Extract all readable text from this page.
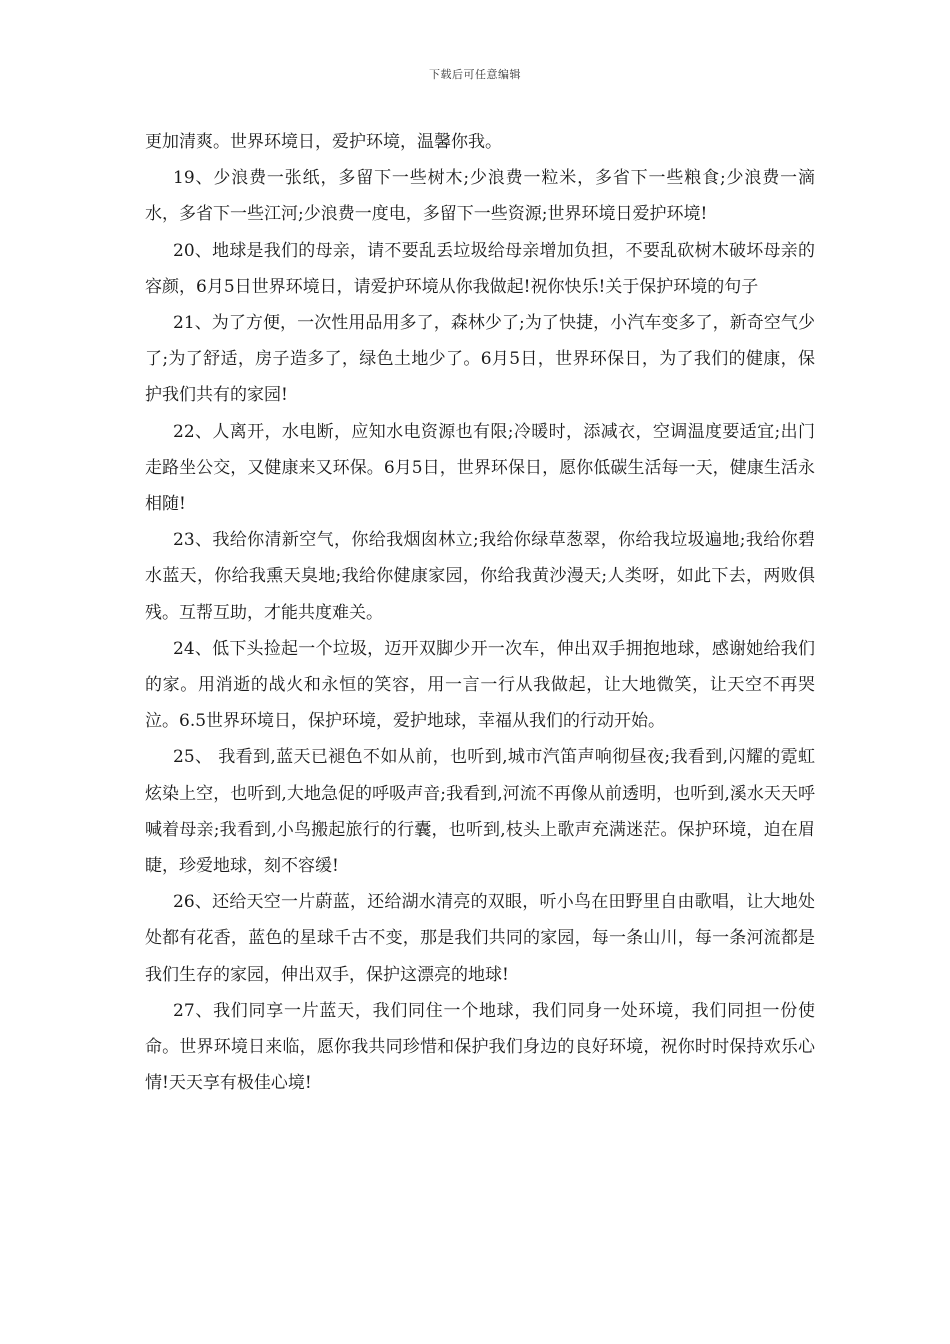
下载后可任意编辑

更加清爽。世界环境日，爱护环境，温馨你我。

19、少浪费一张纸，多留下一些树木;少浪费一粒米，多省下一些粮食;少浪费一滴水，多省下一些江河;少浪费一度电，多留下一些资源;世界环境日爱护环境!

20、地球是我们的母亲，请不要乱丢垃圾给母亲增加负担，不要乱砍树木破坏母亲的容颜，6月5日世界环境日，请爱护环境从你我做起!祝你快乐!关于保护环境的句子

21、为了方便，一次性用品用多了，森林少了;为了快捷，小汽车变多了，新奇空气少了;为了舒适，房子造多了，绿色土地少了。6月5日，世界环保日，为了我们的健康，保护我们共有的家园!

22、人离开，水电断，应知水电资源也有限;冷暖时，添减衣，空调温度要适宜;出门走路坐公交，又健康来又环保。6月5日，世界环保日，愿你低碳生活每一天，健康生活永相随!

23、我给你清新空气，你给我烟囱林立;我给你绿草葱翠，你给我垃圾遍地;我给你碧水蓝天，你给我熏天臭地;我给你健康家园，你给我黄沙漫天;人类呀，如此下去，两败俱残。互帮互助，才能共度难关。

24、低下头捡起一个垃圾，迈开双脚少开一次车，伸出双手拥抱地球，感谢她给我们的家。用消逝的战火和永恒的笑容，用一言一行从我做起，让大地微笑，让天空不再哭泣。6.5世界环境日，保护环境，爱护地球，幸福从我们的行动开始。

25、 我看到,蓝天已褪色不如从前，也听到,城市汽笛声响彻昼夜;我看到,闪耀的霓虹炫染上空，也听到,大地急促的呼吸声音;我看到,河流不再像从前透明，也听到,溪水天天呼喊着母亲;我看到,小鸟搬起旅行的行囊，也听到,枝头上歌声充满迷茫。保护环境，迫在眉睫，珍爱地球，刻不容缓!

26、还给天空一片蔚蓝，还给湖水清亮的双眼，听小鸟在田野里自由歌唱，让大地处处都有花香，蓝色的星球千古不变，那是我们共同的家园，每一条山川，每一条河流都是我们生存的家园，伸出双手，保护这漂亮的地球!

27、我们同享一片蓝天，我们同住一个地球，我们同身一处环境，我们同担一份使命。世界环境日来临，愿你我共同珍惜和保护我们身边的良好环境，祝你时时保持欢乐心情!天天享有极佳心境!
